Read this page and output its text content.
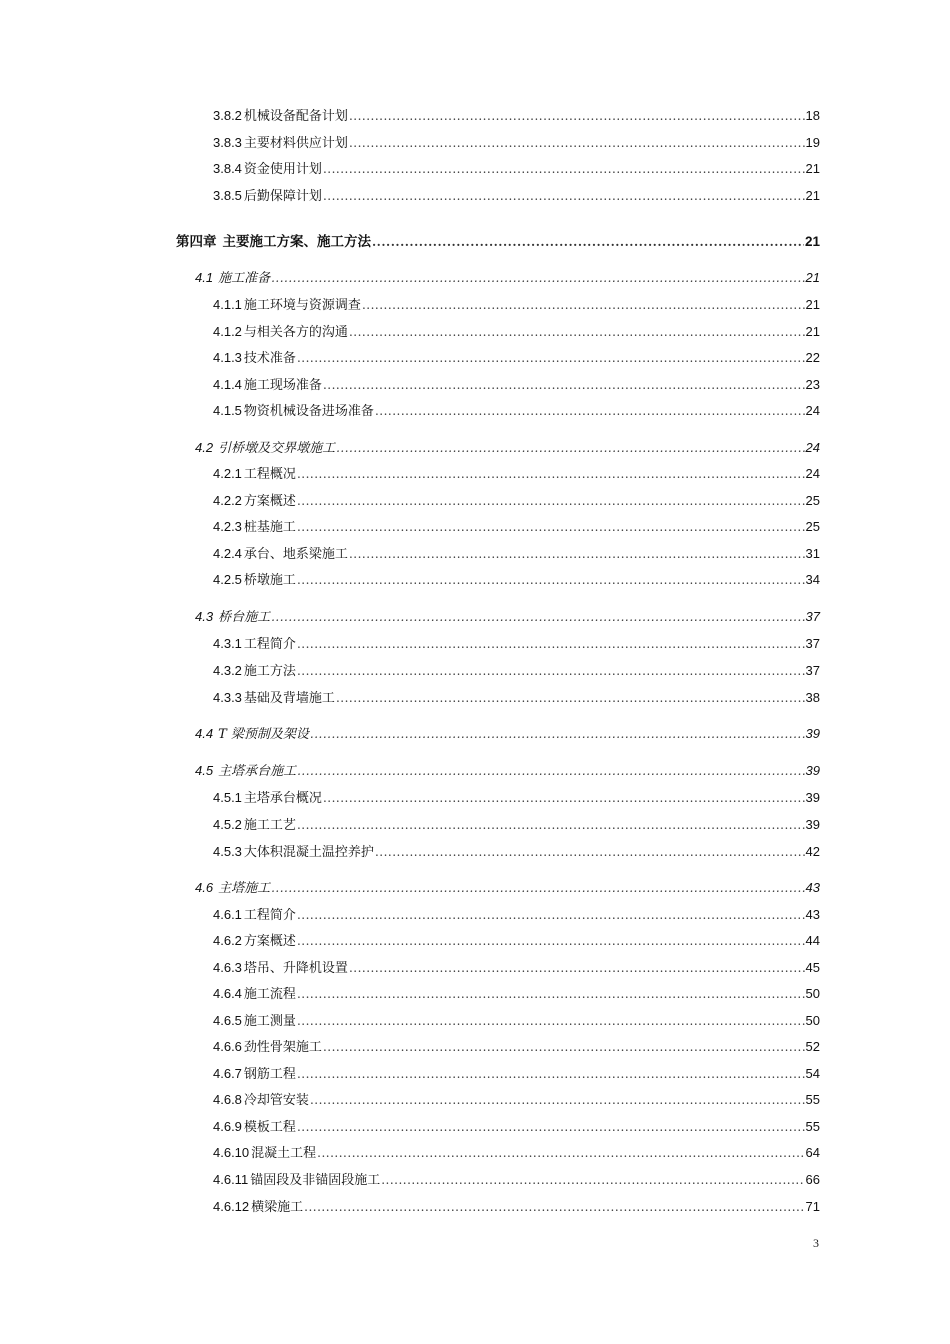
3.8.2 机械设备配备计划 .....	18
3.8.3 主要材料供应计划 .....	19
3.8.4 资金使用计划 .....	21
3.8.5 后勤保障计划 .....	21
第四章 主要施工方案、施工方法 .....	21
4.1 施工准备 .....	21
4.1.1 施工环境与资源调查 .....	21
4.1.2 与相关各方的沟通 .....	21
4.1.3 技术准备 .....	22
4.1.4 施工现场准备 .....	23
4.1.5 物资机械设备进场准备 .....	24
4.2 引桥墩及交界墩施工 .....	24
4.2.1 工程概况 .....	24
4.2.2 方案概述 .....	25
4.2.3 桩基施工 .....	25
4.2.4 承台、地系梁施工 .....	31
4.2.5 桥墩施工 .....	34
4.3 桥台施工 .....	37
4.3.1 工程简介 .....	37
4.3.2 施工方法 .....	37
4.3.3 基础及背墙施工 .....	38
4.4 T 梁预制及架设 .....	39
4.5 主塔承台施工 .....	39
4.5.1 主塔承台概况 .....	39
4.5.2 施工工艺 .....	39
4.5.3 大体积混凝土温控养护 .....	42
4.6 主塔施工 .....	43
4.6.1 工程简介 .....	43
4.6.2 方案概述 .....	44
4.6.3 塔吊、升降机设置 .....	45
4.6.4 施工流程 .....	50
4.6.5 施工测量 .....	50
4.6.6 劲性骨架施工 .....	52
4.6.7 钢筋工程 .....	54
4.6.8 冷却管安装 .....	55
4.6.9 模板工程 .....	55
4.6.10 混凝土工程 .....	64
4.6.11 锚固段及非锚固段施工 .....	66
4.6.12 横梁施工 .....	71
3
